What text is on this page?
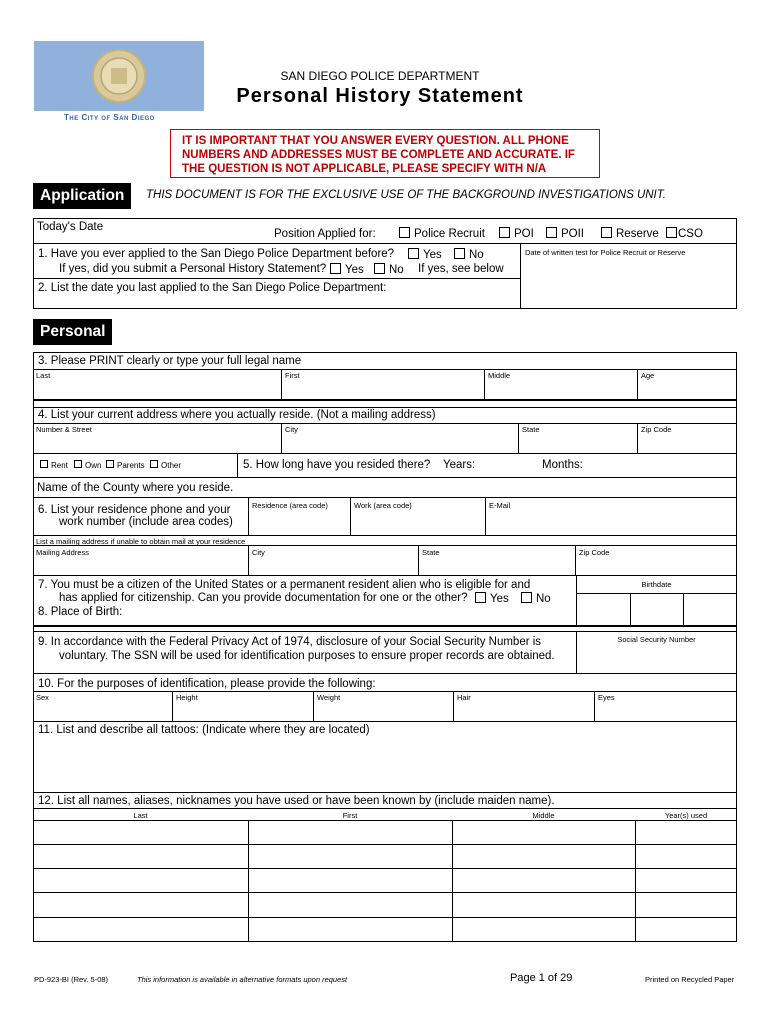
The City of San Diego
SAN DIEGO POLICE DEPARTMENT
Personal History Statement
IT IS IMPORTANT THAT YOU ANSWER EVERY QUESTION. ALL PHONE
NUMBERS AND ADDRESSES MUST BE COMPLETE AND ACCURATE. IF
THE QUESTION IS NOT APPLICABLE, PLEASE SPECIFY WITH N/A
Application	THIS DOCUMENT IS FOR THE EXCLUSIVE USE OF THE BACKGROUND INVESTIGATIONS UNIT.
Today's Date
Position Applied for:	Police Recruit	POI	POII	Reserve	CSO
Date of written test for Police Recruit or Reserve
1. Have you ever applied to the San Diego Police Department before?	Yes	No
If yes, did you submit a Personal History Statement?	Yes	No If yes, see below
2. List the date you last applied to the San Diego Police Department:
Personal
3. Please PRINT clearly or type your full legal name
Last	First	Middle	Age
4. List your current address where you actually reside. (Not a mailing address)
Number & Street	City	State	Zip Code
Rent	Own	Parents	Other	5. How long have you resided there? Years:	Months:
Name of the County where you reside.
6. List your residence phone and your
work number (include area codes)
Residence (area code)	Work (area code)	E-Mail
List a mailing address if unable to obtain mail at your residence
Mailing Address	City	State	Zip Code
7. You must be a citizen of the United States or a permanent resident alien who is eligible for and
has applied for citizenship. Can you provide documentation for one or the other?	Yes	No
8. Place of Birth:
Birthdate
9. In accordance with the Federal Privacy Act of 1974, disclosure of your Social Security Number is
voluntary. The SSN will be used for identification purposes to ensure proper records are obtained.
Social Security Number
10. For the purposes of identification, please provide the following:
Sex	Height	Weight	Hair	Eyes
11. List and describe all tattoos: (Indicate where they are located)
12. List all names, aliases, nicknames you have used or have been known by (include maiden name).
Last	First	Middle	Year(s) used
PD-923-BI (Rev. 5-08)	This information is available in alternative formats upon request	Page 1 of 29	Printed on Recycled Paper
